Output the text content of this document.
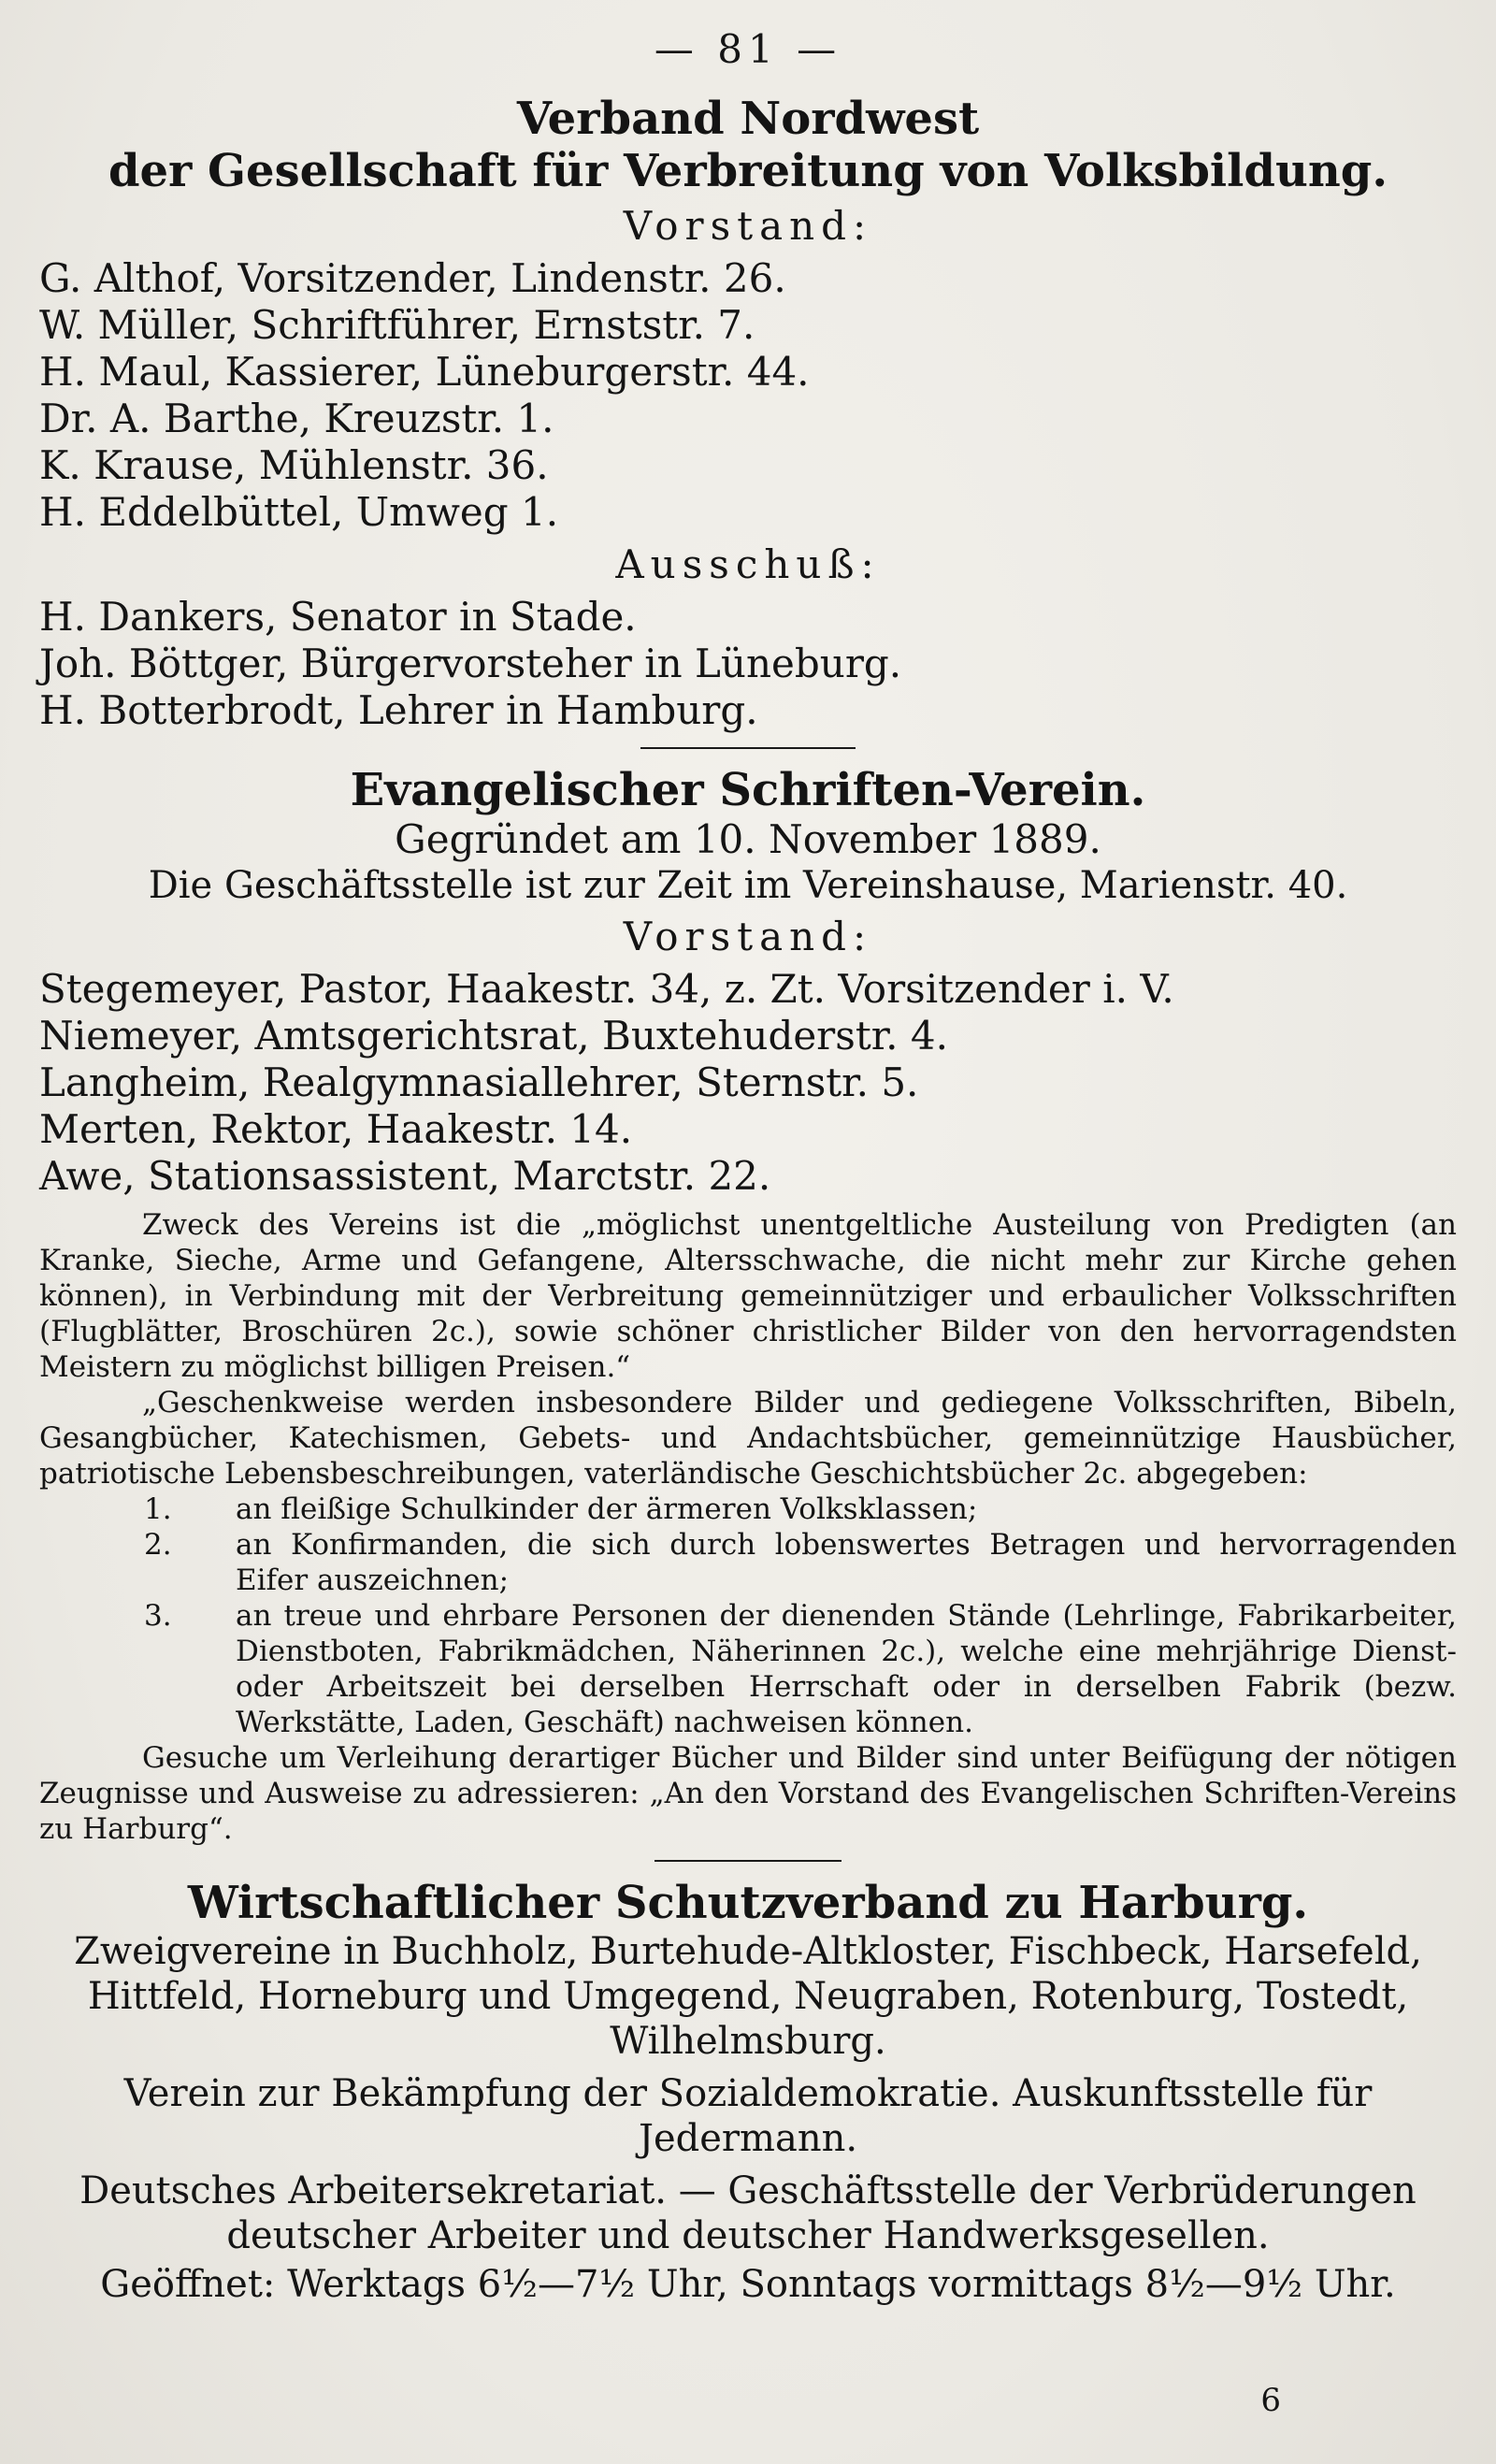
— 81 —
Verband Nordwest
der Gesellschaft für Verbreitung von Volksbildung.
Vorstand:
G. Althof, Vorsitzender, Lindenstr. 26.
W. Müller, Schriftführer, Ernststr. 7.
H. Maul, Kassierer, Lüneburgerstr. 44.
Dr. A. Barthe, Kreuzstr. 1.
K. Krause, Mühlenstr. 36.
H. Eddelbüttel, Umweg 1.
Ausschuß:
H. Dankers, Senator in Stade.
Joh. Böttger, Bürgervorsteher in Lüneburg.
H. Botterbrodt, Lehrer in Hamburg.
Evangelischer Schriften-Verein.
Gegründet am 10. November 1889.
Die Geschäftsstelle ist zur Zeit im Vereinshause, Marienstr. 40.
Vorstand:
Stegemeyer, Pastor, Haakestr. 34, z. Zt. Vorsitzender i. V.
Niemeyer, Amtsgerichtsrat, Buxtehuderstr. 4.
Langheim, Realgymnasiallehrer, Sternstr. 5.
Merten, Rektor, Haakestr. 14.
Awe, Stationsassistent, Marctstr. 22.
Zweck des Vereins ist die „möglichst unentgeltliche Austeilung von Predigten (an Kranke, Sieche, Arme und Gefangene, Altersschwache, die nicht mehr zur Kirche gehen können), in Verbindung mit der Verbreitung gemeinnütziger und erbaulicher Volksschriften (Flugblätter, Broschüren 2c.), sowie schöner christlicher Bilder von den hervorragendsten Meistern zu möglichst billigen Preisen.“
„Geschenkweise werden insbesondere Bilder und gediegene Volksschriften, Bibeln, Gesangbücher, Katechismen, Gebets- und Andachtsbücher, gemeinnützige Hausbücher, patriotische Lebensbeschreibungen, vaterländische Geschichtsbücher 2c. abgegeben:
1.	an fleißige Schulkinder der ärmeren Volksklassen;
2.	an Konfirmanden, die sich durch lobenswertes Betragen und hervorragenden Eifer auszeichnen;
3.	an treue und ehrbare Personen der dienenden Stände (Lehrlinge, Fabrikarbeiter, Dienstboten, Fabrikmädchen, Näherinnen 2c.), welche eine mehrjährige Dienst- oder Arbeitszeit bei derselben Herrschaft oder in derselben Fabrik (bezw. Werkstätte, Laden, Geschäft) nachweisen können.
Gesuche um Verleihung derartiger Bücher und Bilder sind unter Beifügung der nötigen Zeugnisse und Ausweise zu adressieren: „An den Vorstand des Evangelischen Schriften-Vereins zu Harburg“.
Wirtschaftlicher Schutzverband zu Harburg.
Zweigvereine in Buchholz, Burtehude-Altkloster, Fischbeck, Harsefeld, Hittfeld, Horneburg und Umgegend, Neugraben, Rotenburg, Tostedt, Wilhelmsburg.
Verein zur Bekämpfung der Sozialdemokratie. Auskunftsstelle für Jedermann.
Deutsches Arbeitersekretariat. — Geschäftsstelle der Verbrüderungen deutscher Arbeiter und deutscher Handwerksgesellen.
Geöffnet: Werktags 6½—7½ Uhr, Sonntags vormittags 8½—9½ Uhr.
6
